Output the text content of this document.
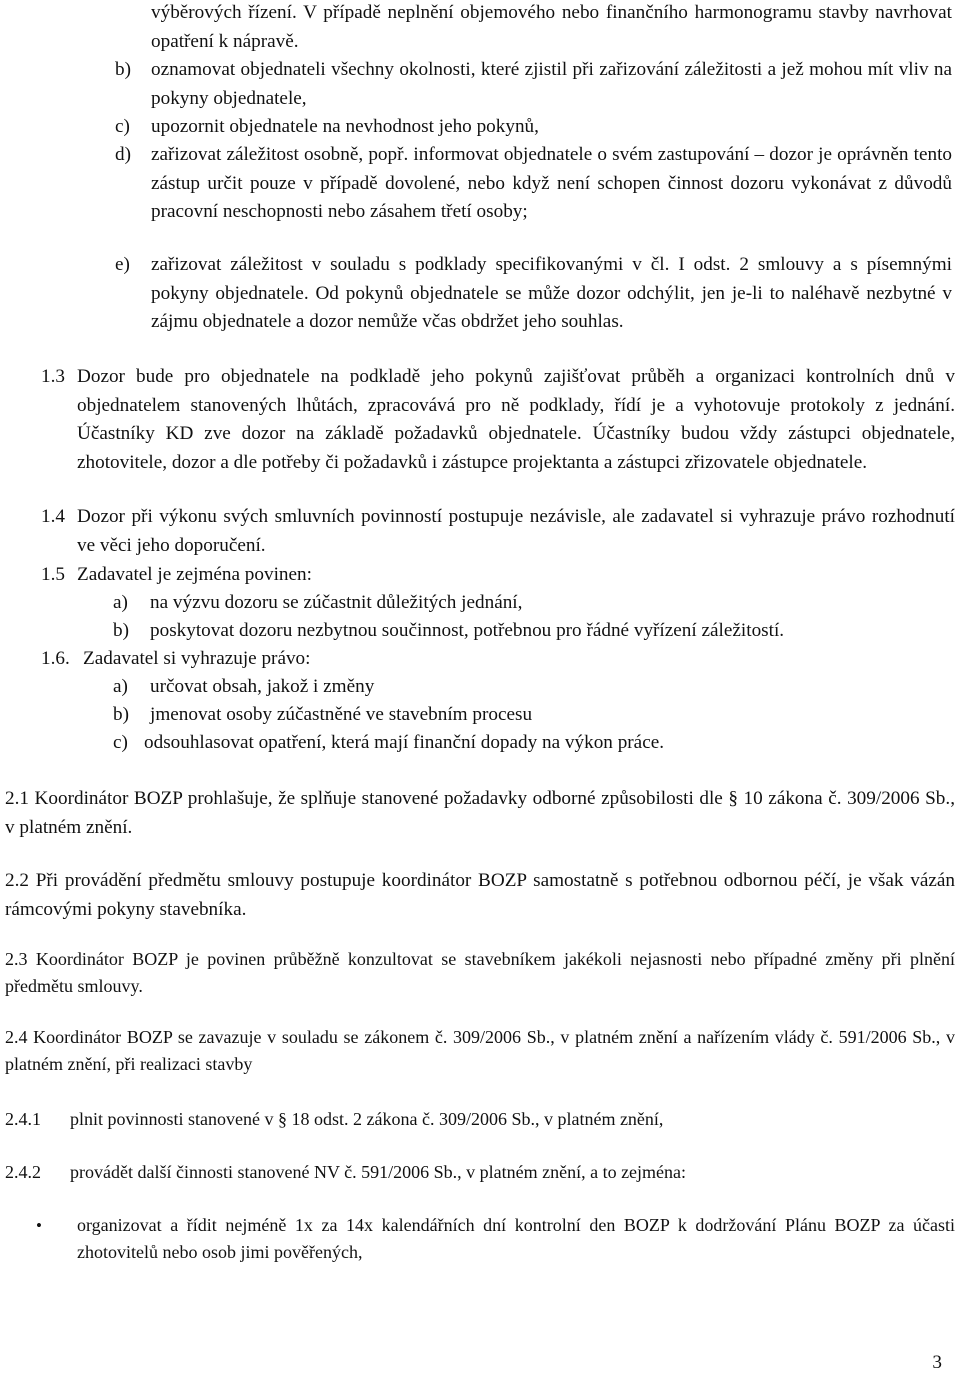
výběrových řízení. V případě neplnění objemového nebo finančního harmonogramu stavby navrhovat opatření k nápravě.
b) oznamovat objednateli všechny okolnosti, které zjistil při zařizování záležitosti a jež mohou mít vliv na pokyny objednatele,
c) upozornit objednatele na nevhodnost jeho pokynů,
d) zařizovat záležitost osobně, popř. informovat objednatele o svém zastupování – dozor je oprávněn tento zástup určit pouze v případě dovolené, nebo když není schopen činnost dozoru vykonávat z důvodů pracovní neschopnosti nebo zásahem třetí osoby;
e) zařizovat záležitost v souladu s podklady specifikovanými v čl. I odst. 2 smlouvy a s písemnými pokyny objednatele. Od pokynů objednatele se může dozor odchýlit, jen je-li to naléhavě nezbytné v zájmu objednatele a dozor nemůže včas obdržet jeho souhlas.
1.3 Dozor bude pro objednatele na podkladě jeho pokynů zajišťovat průběh a organizaci kontrolních dnů v objednatelem stanovených lhůtách, zpracovává pro ně podklady, řídí je a vyhotovuje protokoly z jednání. Účastníky KD zve dozor na základě požadavků objednatele. Účastníky budou vždy zástupci objednatele, zhotovitele, dozor a dle potřeby či požadavků i zástupce projektanta a zástupci zřizovatele objednatele.
1.4 Dozor při výkonu svých smluvních povinností postupuje nezávisle, ale zadavatel si vyhrazuje právo rozhodnutí ve věci jeho doporučení.
1.5 Zadavatel je zejména povinen:
a) na výzvu dozoru se zúčastnit důležitých jednání,
b) poskytovat dozoru nezbytnou součinnost, potřebnou pro řádné vyřízení záležitostí.
1.6. Zadavatel si vyhrazuje právo:
a) určovat obsah, jakož i změny
b) jmenovat osoby zúčastněné ve stavebním procesu
c) odsouhlasovat opatření, která mají finanční dopady na výkon práce.
2.1 Koordinátor BOZP prohlašuje, že splňuje stanovené požadavky odborné způsobilosti dle § 10 zákona č. 309/2006 Sb., v platném znění.
2.2 Při provádění předmětu smlouvy postupuje koordinátor BOZP samostatně s potřebnou odbornou péčí, je však vázán rámcovými pokyny stavebníka.
2.3 Koordinátor BOZP je povinen průběžně konzultovat se stavebníkem jakékoli nejasnosti nebo případné změny při plnění předmětu smlouvy.
2.4 Koordinátor BOZP se zavazuje v souladu se zákonem č. 309/2006 Sb., v platném znění a nařízením vlády č. 591/2006 Sb., v platném znění, při realizaci stavby
2.4.1 plnit povinnosti stanovené v § 18 odst. 2 zákona č. 309/2006 Sb., v platném znění,
2.4.2 provádět další činnosti stanovené NV č. 591/2006 Sb., v platném znění, a to zejména:
• organizovat a řídit nejméně 1x za 14x kalendářních dní kontrolní den BOZP k dodržování Plánu BOZP za účasti zhotovitelů nebo osob jimi pověřených,
3
